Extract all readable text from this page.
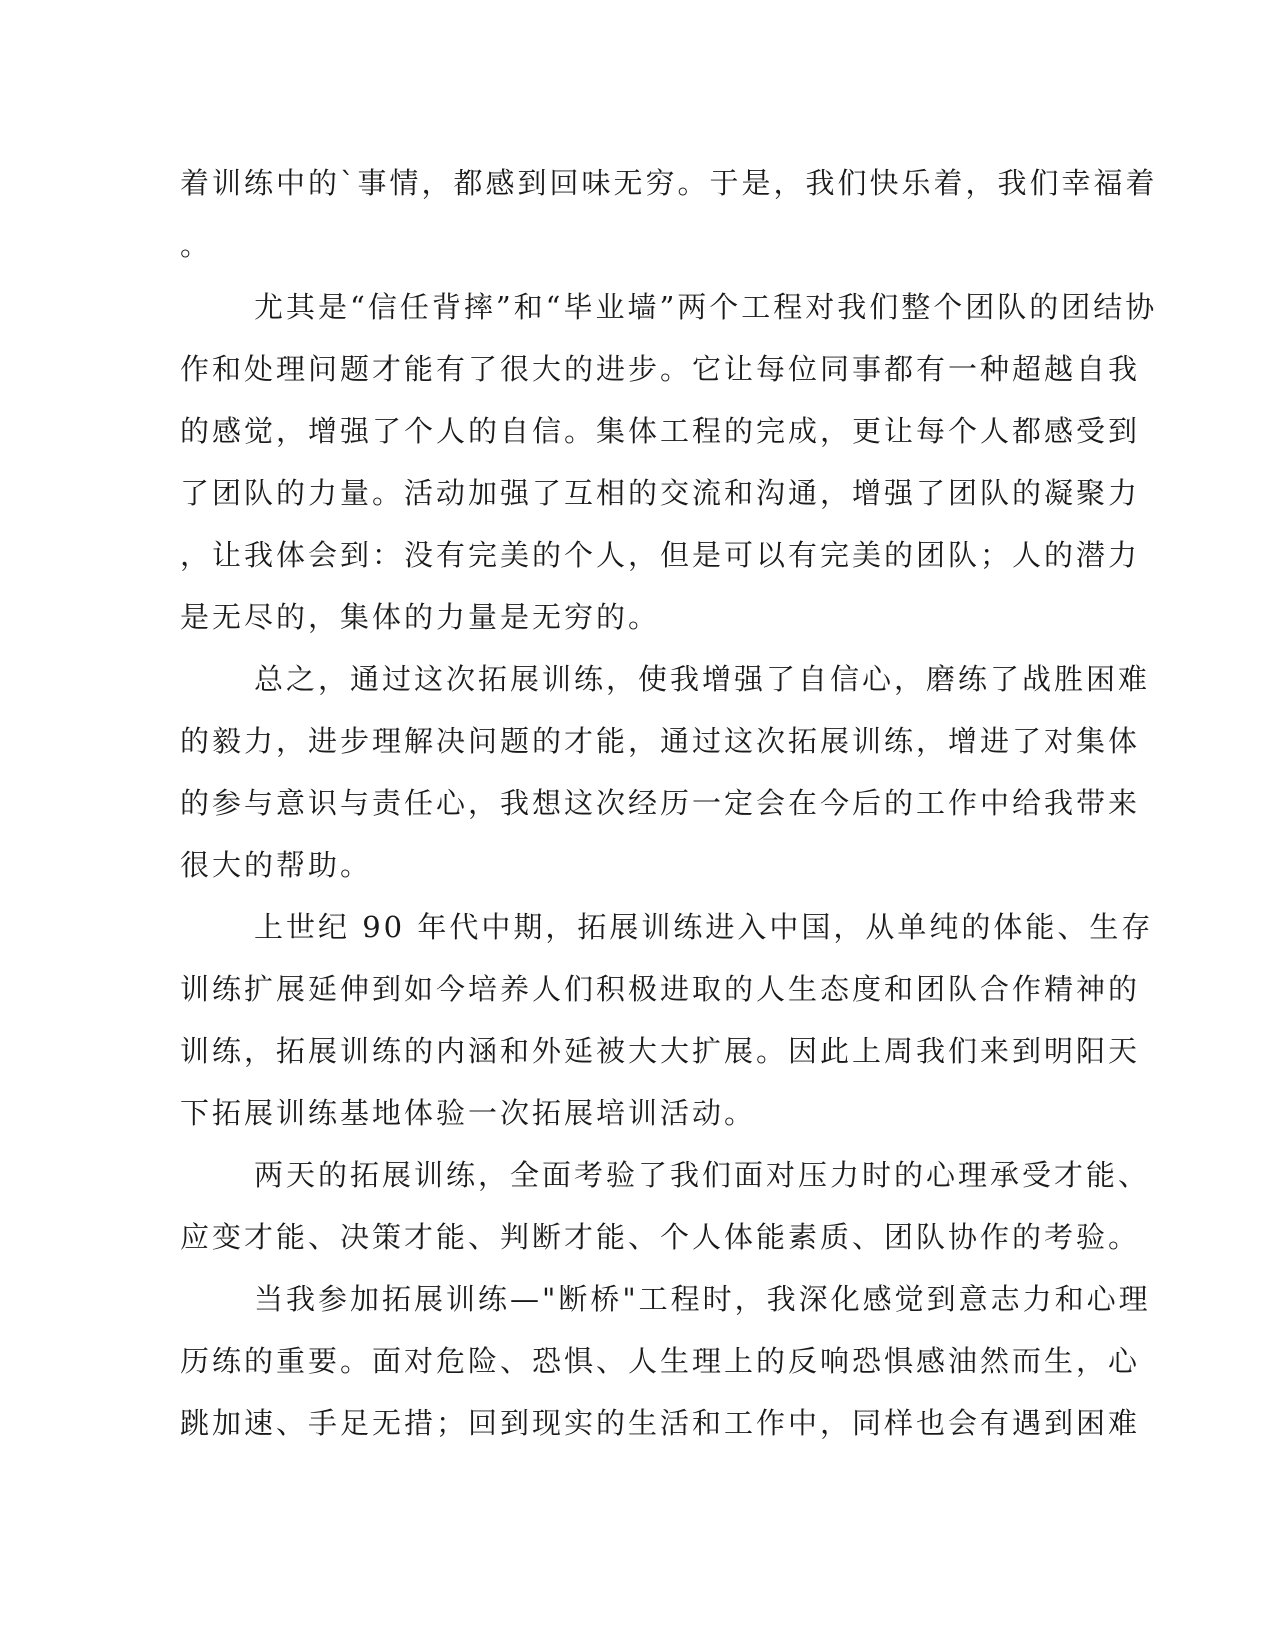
着训练中的`事情，都感到回味无穷。于是，我们快乐着，我们幸福着
。
尤其是“信任背摔”和“毕业墙”两个工程对我们整个团队的团结协
作和处理问题才能有了很大的进步。它让每位同事都有一种超越自我
的感觉，增强了个人的自信。集体工程的完成，更让每个人都感受到
了团队的力量。活动加强了互相的交流和沟通，增强了团队的凝聚力
，让我体会到：没有完美的个人，但是可以有完美的团队；人的潜力
是无尽的，集体的力量是无穷的。
总之，通过这次拓展训练，使我增强了自信心，磨练了战胜困难
的毅力，进步理解决问题的才能，通过这次拓展训练，增进了对集体
的参与意识与责任心，我想这次经历一定会在今后的工作中给我带来
很大的帮助。
上世纪 90 年代中期，拓展训练进入中国，从单纯的体能、生存
训练扩展延伸到如今培养人们积极进取的人生态度和团队合作精神的
训练，拓展训练的内涵和外延被大大扩展。因此上周我们来到明阳天
下拓展训练基地体验一次拓展培训活动。
两天的拓展训练，全面考验了我们面对压力时的心理承受才能、
应变才能、决策才能、判断才能、个人体能素质、团队协作的考验。
当我参加拓展训练—"断桥"工程时，我深化感觉到意志力和心理
历练的重要。面对危险、恐惧、人生理上的反响恐惧感油然而生，心
跳加速、手足无措；回到现实的生活和工作中，同样也会有遇到困难
